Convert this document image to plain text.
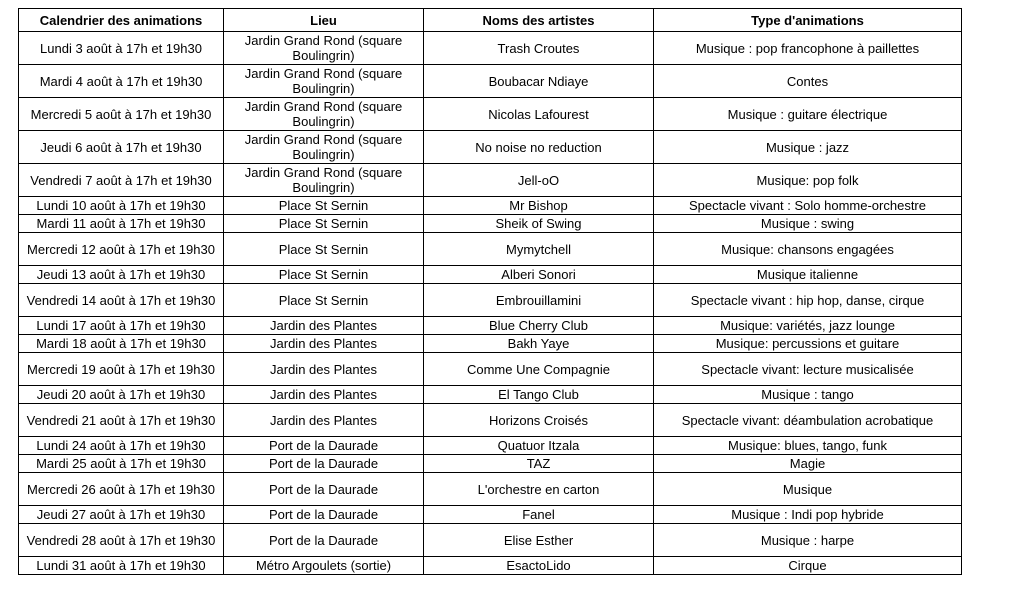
Calendrier des animations	Lieu	Noms des artistes	Type d'animations
Lundi 3 août à 17h et 19h30	Jardin Grand Rond (square Boulingrin)	Trash Croutes	Musique : pop francophone à paillettes
Mardi 4 août à 17h et 19h30	Jardin Grand Rond (square Boulingrin)	Boubacar Ndiaye	Contes
Mercredi 5 août à 17h et 19h30	Jardin Grand Rond (square Boulingrin)	Nicolas Lafourest	Musique : guitare électrique
Jeudi 6 août à 17h et 19h30	Jardin Grand Rond (square Boulingrin)	No noise no reduction	Musique : jazz
Vendredi 7 août à 17h et 19h30	Jardin Grand Rond (square Boulingrin)	Jell-oO	Musique: pop folk
Lundi 10 août à 17h et 19h30	Place St Sernin	Mr Bishop	Spectacle vivant : Solo homme-orchestre
Mardi 11 août à 17h et 19h30	Place St Sernin	Sheik of Swing	Musique : swing
Mercredi 12 août à 17h et 19h30	Place St Sernin	Mymytchell	Musique: chansons engagées
Jeudi 13 août à 17h et 19h30	Place St Sernin	Alberi Sonori	Musique italienne
Vendredi 14 août à 17h et 19h30	Place St Sernin	Embrouillamini	Spectacle vivant : hip hop, danse, cirque
Lundi 17 août à 17h et 19h30	Jardin des Plantes	Blue Cherry Club	Musique: variétés, jazz lounge
Mardi 18 août à 17h et 19h30	Jardin des Plantes	Bakh Yaye	Musique: percussions et guitare
Mercredi 19 août à 17h et 19h30	Jardin des Plantes	Comme Une Compagnie	Spectacle vivant: lecture musicalisée
Jeudi 20 août à 17h et 19h30	Jardin des Plantes	El Tango Club	Musique : tango
Vendredi 21 août à 17h et 19h30	Jardin des Plantes	Horizons Croisés	Spectacle vivant: déambulation acrobatique
Lundi 24 août à 17h et 19h30	Port de la Daurade	Quatuor Itzala	Musique: blues, tango, funk
Mardi 25 août à 17h et 19h30	Port de la Daurade	TAZ	Magie
Mercredi 26 août à 17h et 19h30	Port de la Daurade	L'orchestre en carton	Musique
Jeudi 27 août à 17h et 19h30	Port de la Daurade	Fanel	Musique : Indi pop hybride
Vendredi 28 août à 17h et 19h30	Port de la Daurade	Elise Esther	Musique : harpe
Lundi 31 août à 17h et 19h30	Métro Argoulets (sortie)	EsactoLido	Cirque
